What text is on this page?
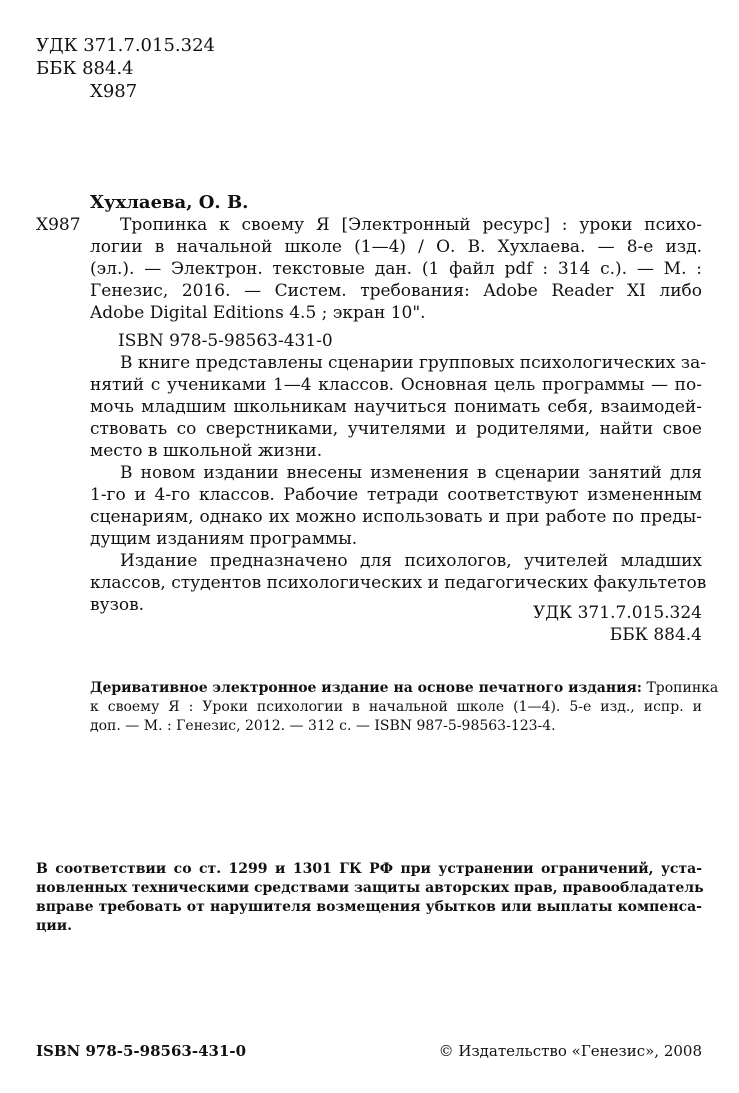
УДК 371.7.015.324
ББК 884.4
Х987
Хухлаева, О. В.
Х987	Тропинка к своему Я [Электронный ресурс] : уроки психо-
логии в начальной школе (1—4) / О. В. Хухлаева. — 8-е изд.
(эл.). — Электрон. текстовые дан. (1 файл pdf : 314 с.). — М. :
Генезис, 2016. — Систем. требования: Adobe Reader XI либо
Adobe Digital Editions 4.5 ; экран 10".
ISBN 978-5-98563-431-0
В книге представлены сценарии групповых психологических за-
нятий с учениками 1—4 классов. Основная цель программы — по-
мочь младшим школьникам научиться понимать себя, взаимодей-
ствовать со сверстниками, учителями и родителями, найти свое
место в школьной жизни.
В новом издании внесены изменения в сценарии занятий для
1-го и 4-го классов. Рабочие тетради соответствуют измененным
сценариям, однако их можно использовать и при работе по преды-
дущим изданиям программы.
Издание предназначено для психологов, учителей младших
классов, студентов психологических и педагогических факультетов
вузов.	УДК 371.7.015.324
ББК 884.4
Деривативное электронное издание на основе печатного издания: Тропинка
к своему Я : Уроки психологии в начальной школе (1—4). 5-е изд., испр. и
доп. — М. : Генезис, 2012. — 312 с. — ISBN 987-5-98563-123-4.
В соответствии со ст. 1299 и 1301 ГК РФ при устранении ограничений, уста-
новленных техническими средствами защиты авторских прав, правообладатель
вправе требовать от нарушителя возмещения убытков или выплаты компенса-
ции.
ISBN 978-5-98563-431-0	© Издательство «Генезис», 2008
